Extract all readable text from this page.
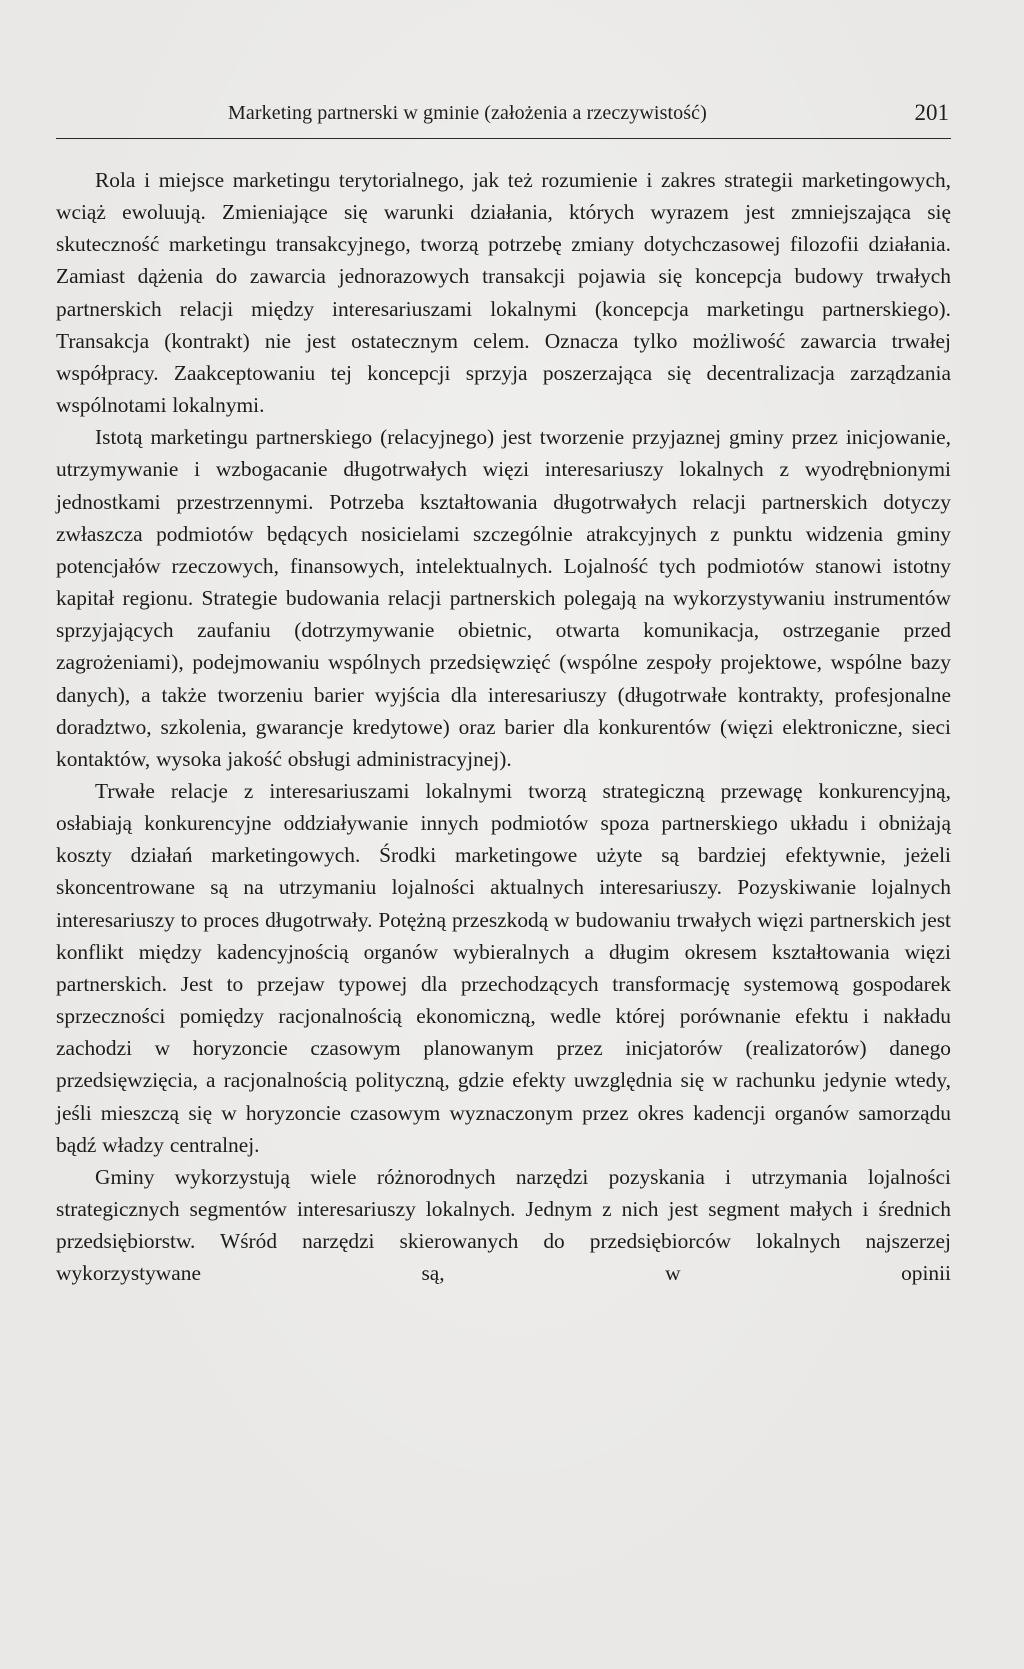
Marketing partnerski w gminie (założenia a rzeczywistość)	201

Rola i miejsce marketingu terytorialnego, jak też rozumienie i zakres strategii marketingowych, wciąż ewoluują. Zmieniające się warunki działania, których wyrazem jest zmniejszająca się skuteczność marketingu transakcyjnego, tworzą potrzebę zmiany dotychczasowej filozofii działania. Zamiast dążenia do zawarcia jednorazowych transakcji pojawia się koncepcja budowy trwałych partnerskich relacji między interesariuszami lokalnymi (koncepcja marketingu partnerskiego). Transakcja (kontrakt) nie jest ostatecznym celem. Oznacza tylko możliwość zawarcia trwałej współpracy. Zaakceptowaniu tej koncepcji sprzyja poszerzająca się decentralizacja zarządzania wspólnotami lokalnymi.

Istotą marketingu partnerskiego (relacyjnego) jest tworzenie przyjaznej gminy przez inicjowanie, utrzymywanie i wzbogacanie długotrwałych więzi interesariuszy lokalnych z wyodrębnionymi jednostkami przestrzennymi. Potrzeba kształtowania długotrwałych relacji partnerskich dotyczy zwłaszcza podmiotów będących nosicielami szczególnie atrakcyjnych z punktu widzenia gminy potencjałów rzeczowych, finansowych, intelektualnych. Lojalność tych podmiotów stanowi istotny kapitał regionu. Strategie budowania relacji partnerskich polegają na wykorzystywaniu instrumentów sprzyjających zaufaniu (dotrzymywanie obietnic, otwarta komunikacja, ostrzeganie przed zagrożeniami), podejmowaniu wspólnych przedsięwzięć (wspólne zespoły projektowe, wspólne bazy danych), a także tworzeniu barier wyjścia dla interesariuszy (długotrwałe kontrakty, profesjonalne doradztwo, szkolenia, gwarancje kredytowe) oraz barier dla konkurentów (więzi elektroniczne, sieci kontaktów, wysoka jakość obsługi administracyjnej).

Trwałe relacje z interesariuszami lokalnymi tworzą strategiczną przewagę konkurencyjną, osłabiają konkurencyjne oddziaływanie innych podmiotów spoza partnerskiego układu i obniżają koszty działań marketingowych. Środki marketingowe użyte są bardziej efektywnie, jeżeli skoncentrowane są na utrzymaniu lojalności aktualnych interesariuszy. Pozyskiwanie lojalnych interesariuszy to proces długotrwały. Potężną przeszkodą w budowaniu trwałych więzi partnerskich jest konflikt między kadencyjnością organów wybieralnych a długim okresem kształtowania więzi partnerskich. Jest to przejaw typowej dla przechodzących transformację systemową gospodarek sprzeczności pomiędzy racjonalnością ekonomiczną, wedle której porównanie efektu i nakładu zachodzi w horyzoncie czasowym planowanym przez inicjatorów (realizatorów) danego przedsięwzięcia, a racjonalnością polityczną, gdzie efekty uwzględnia się w rachunku jedynie wtedy, jeśli mieszczą się w horyzoncie czasowym wyznaczonym przez okres kadencji organów samorządu bądź władzy centralnej.

Gminy wykorzystują wiele różnorodnych narzędzi pozyskania i utrzymania lojalności strategicznych segmentów interesariuszy lokalnych. Jednym z nich jest segment małych i średnich przedsiębiorstw. Wśród narzędzi skierowanych do przedsiębiorców lokalnych najszerzej wykorzystywane są, w opinii
